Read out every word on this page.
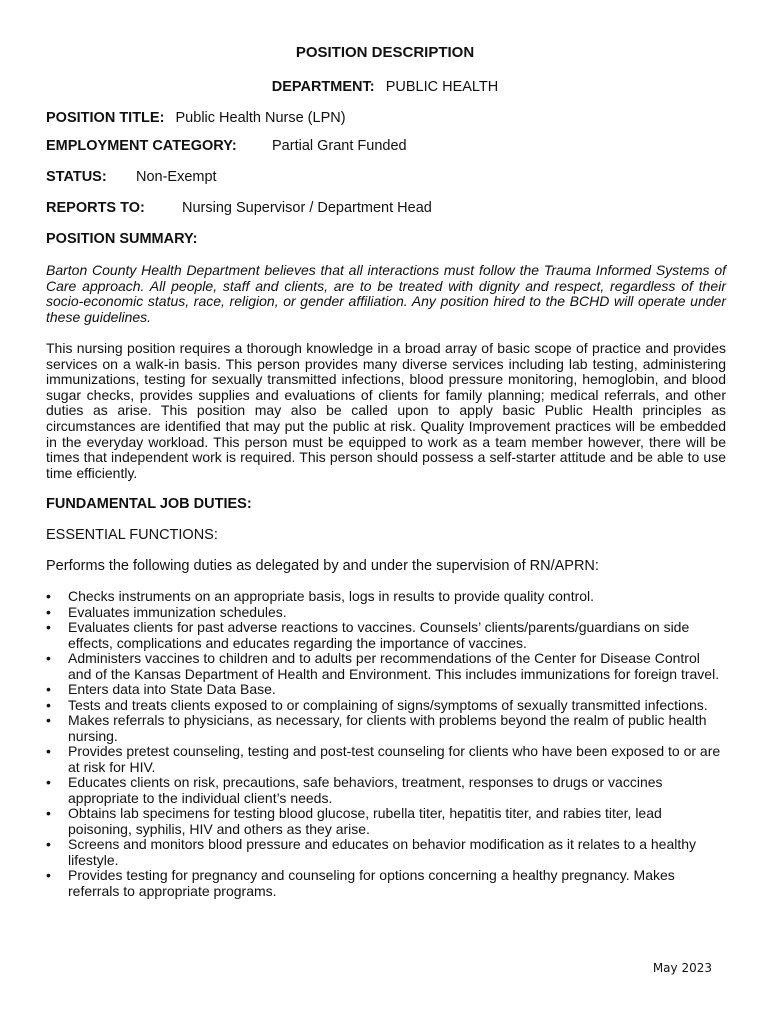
POSITION DESCRIPTION
DEPARTMENT: PUBLIC HEALTH
POSITION TITLE: Public Health Nurse (LPN)
EMPLOYMENT CATEGORY: Partial Grant Funded
STATUS: Non-Exempt
REPORTS TO:	Nursing Supervisor / Department Head
POSITION SUMMARY:
Barton County Health Department believes that all interactions must follow the Trauma Informed Systems of Care approach. All people, staff and clients, are to be treated with dignity and respect, regardless of their socio-economic status, race, religion, or gender affiliation. Any position hired to the BCHD will operate under these guidelines.
This nursing position requires a thorough knowledge in a broad array of basic scope of practice and provides services on a walk-in basis. This person provides many diverse services including lab testing, administering immunizations, testing for sexually transmitted infections, blood pressure monitoring, hemoglobin, and blood sugar checks, provides supplies and evaluations of clients for family planning; medical referrals, and other duties as arise. This position may also be called upon to apply basic Public Health principles as circumstances are identified that may put the public at risk. Quality Improvement practices will be embedded in the everyday workload. This person must be equipped to work as a team member however, there will be times that independent work is required. This person should possess a self-starter attitude and be able to use time efficiently.
FUNDAMENTAL JOB DUTIES:
ESSENTIAL FUNCTIONS:
Performs the following duties as delegated by and under the supervision of RN/APRN:
• Checks instruments on an appropriate basis, logs in results to provide quality control.
• Evaluates immunization schedules.
• Evaluates clients for past adverse reactions to vaccines. Counsels’ clients/parents/guardians on side effects, complications and educates regarding the importance of vaccines.
• Administers vaccines to children and to adults per recommendations of the Center for Disease Control and of the Kansas Department of Health and Environment. This includes immunizations for foreign travel.
• Enters data into State Data Base.
• Tests and treats clients exposed to or complaining of signs/symptoms of sexually transmitted infections.
• Makes referrals to physicians, as necessary, for clients with problems beyond the realm of public health nursing.
• Provides pretest counseling, testing and post-test counseling for clients who have been exposed to or are at risk for HIV.
• Educates clients on risk, precautions, safe behaviors, treatment, responses to drugs or vaccines appropriate to the individual client’s needs.
• Obtains lab specimens for testing blood glucose, rubella titer, hepatitis titer, and rabies titer, lead poisoning, syphilis, HIV and others as they arise.
• Screens and monitors blood pressure and educates on behavior modification as it relates to a healthy lifestyle.
• Provides testing for pregnancy and counseling for options concerning a healthy pregnancy. Makes referrals to appropriate programs.
May 2023
